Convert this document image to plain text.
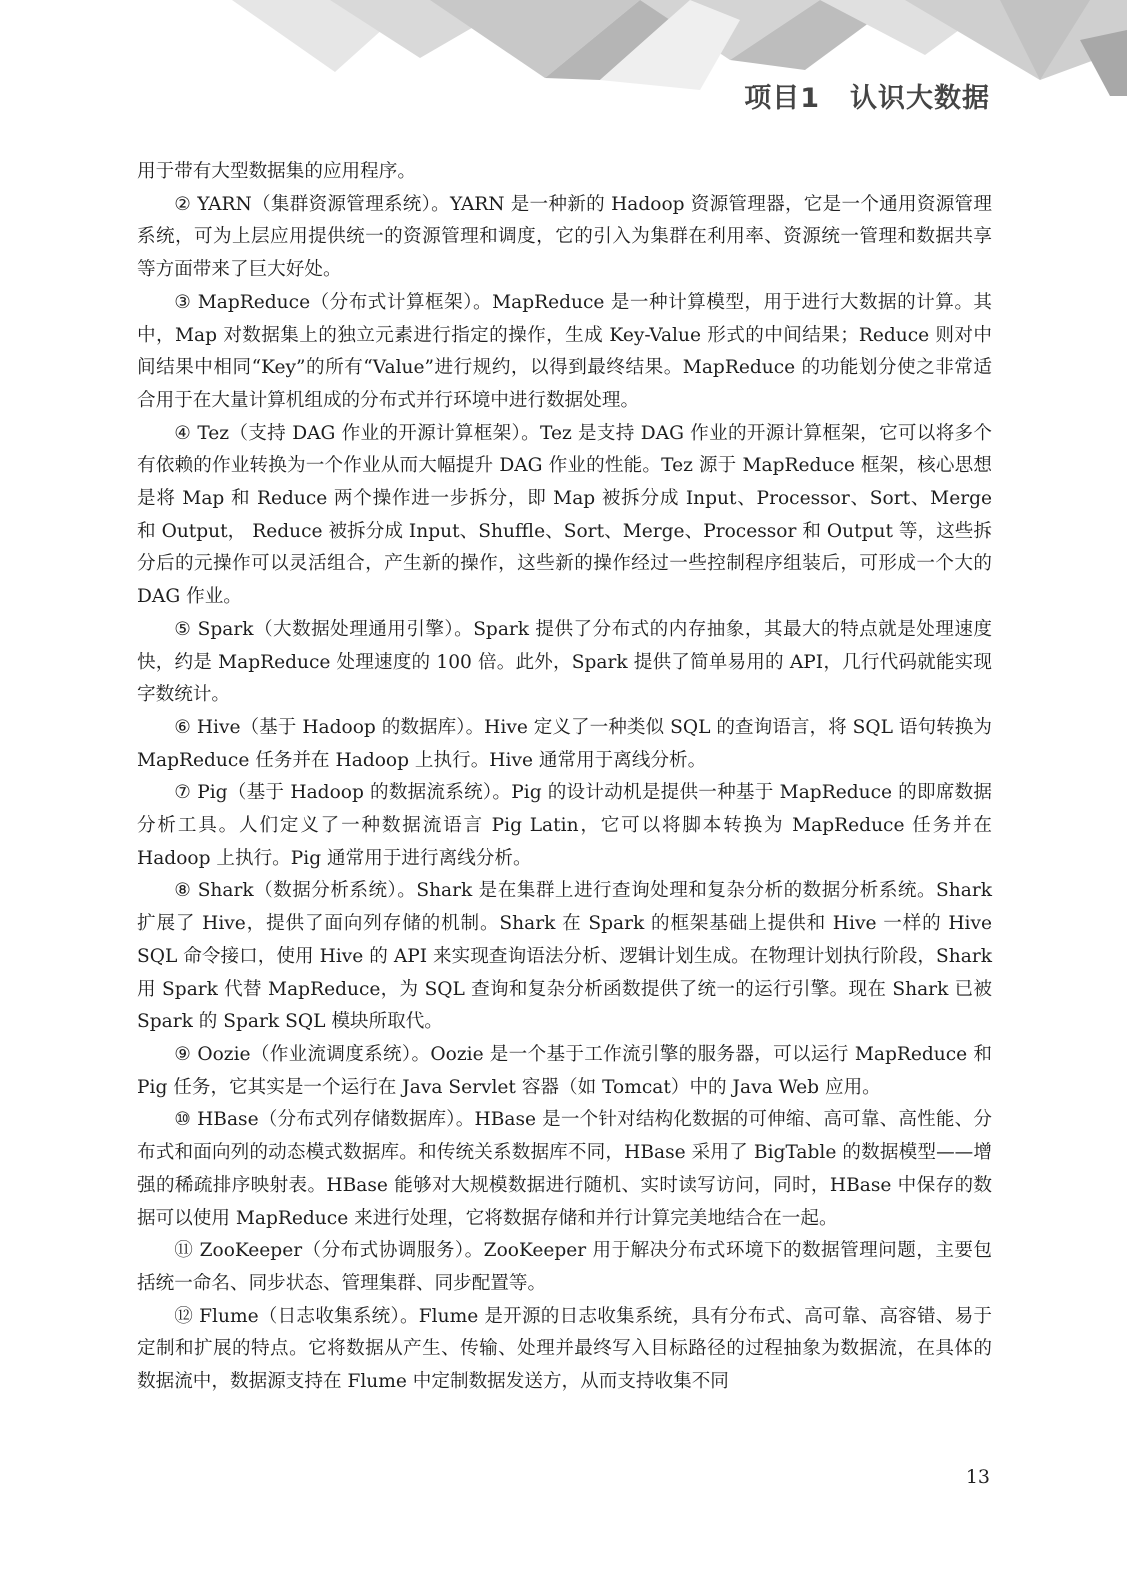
项目1 认识大数据

用于带有大型数据集的应用程序。

② YARN（集群资源管理系统）。YARN 是一种新的 Hadoop 资源管理器，它是一个通用资源管理系统，可为上层应用提供统一的资源管理和调度，它的引入为集群在利用率、资源统一管理和数据共享等方面带来了巨大好处。

③ MapReduce（分布式计算框架）。MapReduce 是一种计算模型，用于进行大数据的计算。其中，Map 对数据集上的独立元素进行指定的操作，生成 Key-Value 形式的中间结果；Reduce 则对中间结果中相同“Key”的所有“Value”进行规约，以得到最终结果。MapReduce 的功能划分使之非常适合用于在大量计算机组成的分布式并行环境中进行数据处理。

④ Tez（支持 DAG 作业的开源计算框架）。Tez 是支持 DAG 作业的开源计算框架，它可以将多个有依赖的作业转换为一个作业从而大幅提升 DAG 作业的性能。Tez 源于 MapReduce 框架，核心思想是将 Map 和 Reduce 两个操作进一步拆分，即 Map 被拆分成 Input、Processor、Sort、Merge 和 Output， Reduce 被拆分成 Input、Shuffle、Sort、Merge、Processor 和 Output 等，这些拆分后的元操作可以灵活组合，产生新的操作，这些新的操作经过一些控制程序组装后，可形成一个大的 DAG 作业。

⑤ Spark（大数据处理通用引擎）。Spark 提供了分布式的内存抽象，其最大的特点就是处理速度快，约是 MapReduce 处理速度的 100 倍。此外，Spark 提供了简单易用的 API，几行代码就能实现字数统计。

⑥ Hive（基于 Hadoop 的数据库）。Hive 定义了一种类似 SQL 的查询语言，将 SQL 语句转换为 MapReduce 任务并在 Hadoop 上执行。Hive 通常用于离线分析。

⑦ Pig（基于 Hadoop 的数据流系统）。Pig 的设计动机是提供一种基于 MapReduce 的即席数据分析工具。人们定义了一种数据流语言 Pig Latin，它可以将脚本转换为 MapReduce 任务并在 Hadoop 上执行。Pig 通常用于进行离线分析。

⑧ Shark（数据分析系统）。Shark 是在集群上进行查询处理和复杂分析的数据分析系统。Shark 扩展了 Hive，提供了面向列存储的机制。Shark 在 Spark 的框架基础上提供和 Hive 一样的 Hive SQL 命令接口，使用 Hive 的 API 来实现查询语法分析、逻辑计划生成。在物理计划执行阶段，Shark 用 Spark 代替 MapReduce，为 SQL 查询和复杂分析函数提供了统一的运行引擎。现在 Shark 已被 Spark 的 Spark SQL 模块所取代。

⑨ Oozie（作业流调度系统）。Oozie 是一个基于工作流引擎的服务器，可以运行 MapReduce 和 Pig 任务，它其实是一个运行在 Java Servlet 容器（如 Tomcat）中的 Java Web 应用。

⑩ HBase（分布式列存储数据库）。HBase 是一个针对结构化数据的可伸缩、高可靠、高性能、分布式和面向列的动态模式数据库。和传统关系数据库不同，HBase 采用了 BigTable 的数据模型——增强的稀疏排序映射表。HBase 能够对大规模数据进行随机、实时读写访问，同时，HBase 中保存的数据可以使用 MapReduce 来进行处理，它将数据存储和并行计算完美地结合在一起。

⑪ ZooKeeper（分布式协调服务）。ZooKeeper 用于解决分布式环境下的数据管理问题，主要包括统一命名、同步状态、管理集群、同步配置等。

⑫ Flume（日志收集系统）。Flume 是开源的日志收集系统，具有分布式、高可靠、高容错、易于定制和扩展的特点。它将数据从产生、传输、处理并最终写入目标路径的过程抽象为数据流，在具体的数据流中，数据源支持在 Flume 中定制数据发送方，从而支持收集不同

13
